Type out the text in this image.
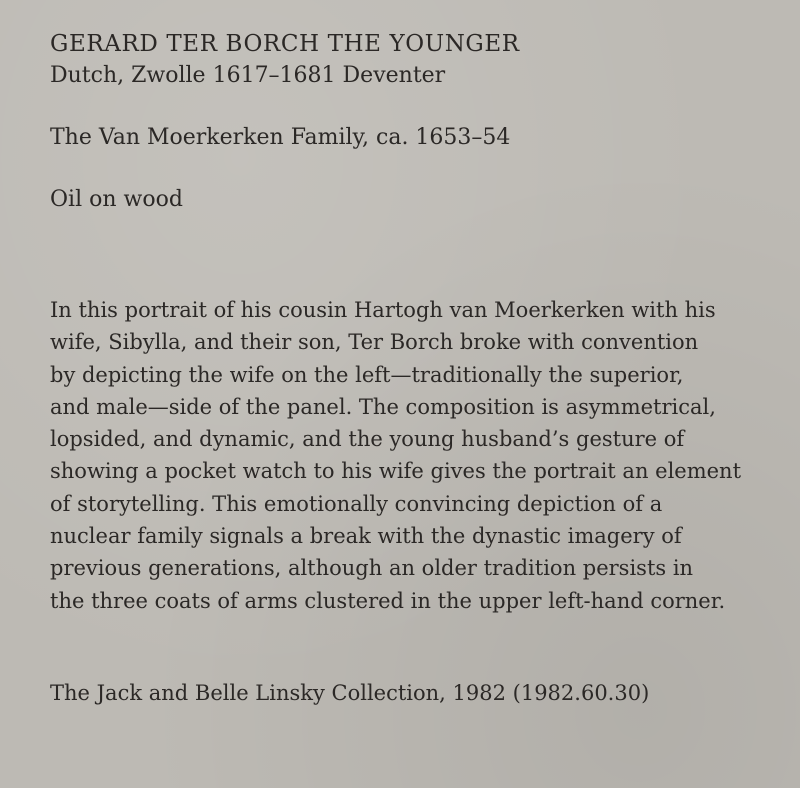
GERARD TER BORCH THE YOUNGER

Dutch, Zwolle 1617–1681 Deventer

The Van Moerkerken Family, ca. 1653–54

Oil on wood

In this portrait of his cousin Hartogh van Moerkerken with his
wife, Sibylla, and their son, Ter Borch broke with convention
by depicting the wife on the left—traditionally the superior,
and male—side of the panel. The composition is asymmetrical,
lopsided, and dynamic, and the young husband’s gesture of
showing a pocket watch to his wife gives the portrait an element
of storytelling. This emotionally convincing depiction of a
nuclear family signals a break with the dynastic imagery of
previous generations, although an older tradition persists in
the three coats of arms clustered in the upper left-hand corner.

The Jack and Belle Linsky Collection, 1982 (1982.60.30)
